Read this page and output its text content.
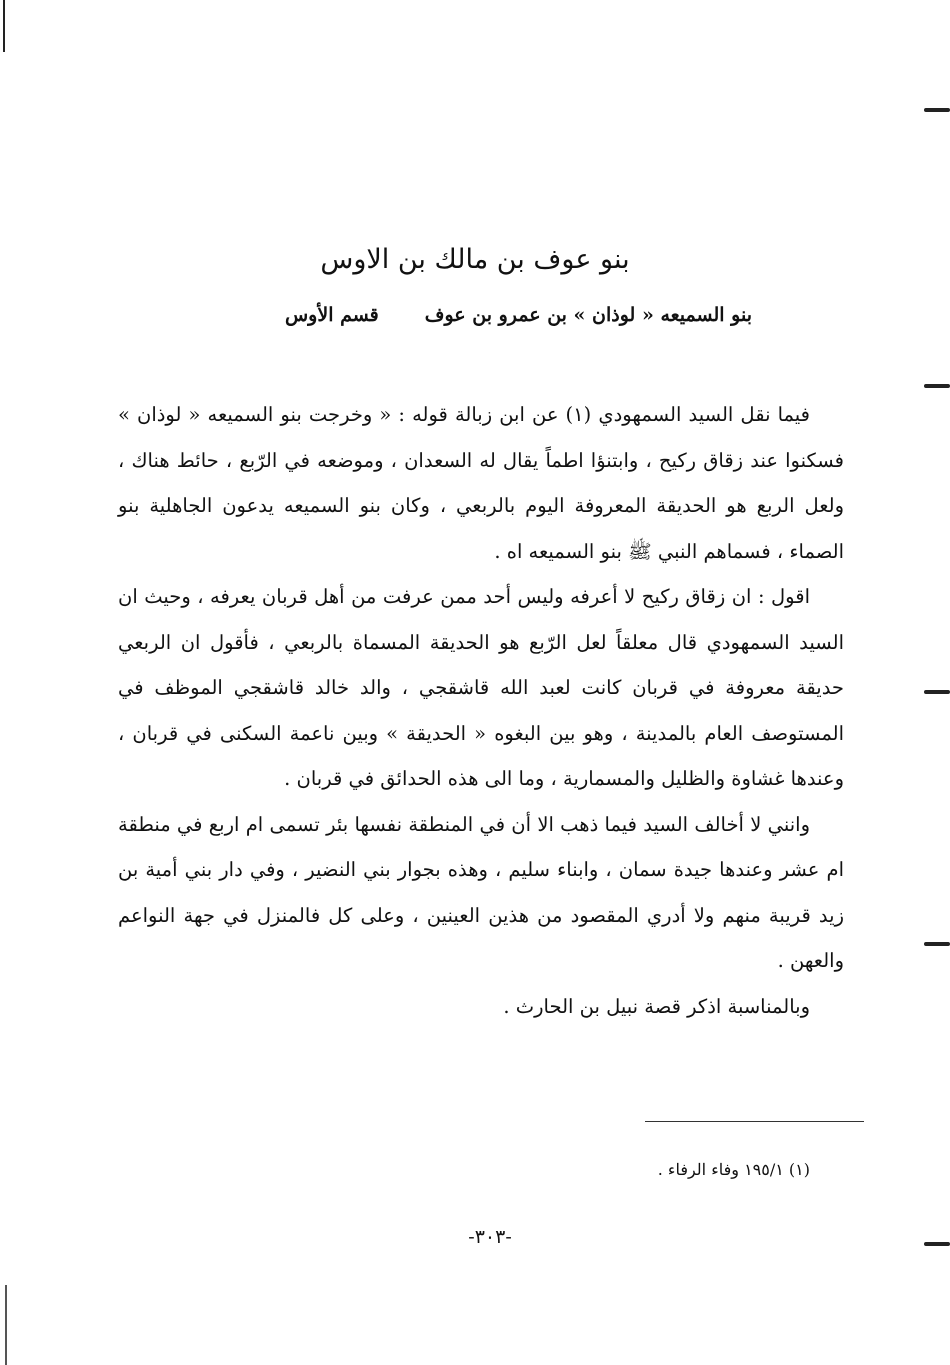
بنو عوف بن مالك بن الاوس
بنو السميعه « لوذان » بن عمرو بن عوفقسم الأوس

فيما نقل السيد السمهودي (١) عن ابن زبالة قوله : « وخرجت بنو السميعه « لوذان » فسكنوا عند زقاق ركيح ، وابتنؤا اطماً يقال له السعدان ، وموضعه في الرّبع ، حائط هناك ، ولعل الربع هو الحديقة المعروفة اليوم بالربعي ، وكان بنو السميعه يدعون الجاهلية بنو الصماء ، فسماهم النبي ﷺ بنو السميعه اه .

اقول : ان زقاق ركيح لا أعرفه وليس أحد ممن عرفت من أهل قربان يعرفه ، وحيث ان السيد السمهودي قال معلقاً لعل الرّبع هو الحديقة المسماة بالربعي ، فأقول ان الربعي حديقة معروفة في قربان كانت لعبد الله قاشقجي ، والد خالد قاشقجي الموظف في المستوصف العام بالمدينة ، وهو بين البغوه « الحديقة » وبين ناعمة السكنى في قربان ، وعندها غشاوة والظليل والمسمارية ، وما الى هذه الحدائق في قربان .

وانني لا أخالف السيد فيما ذهب الا أن في المنطقة نفسها بئر تسمى ام اربع في منطقة ام عشر وعندها جيدة سمان ، وابناء سليم ، وهذه بجوار بني النضير ، وفي دار بني أمية بن زيد قريبة منهم ولا أدري المقصود من هذين العينين ، وعلى كل فالمنزل في جهة النواعم والعهن .

وبالمناسبة اذكر قصة نبيل بن الحارث .

(١) ١٩٥/١ وفاء الرفاء .
-٣٠٣-
